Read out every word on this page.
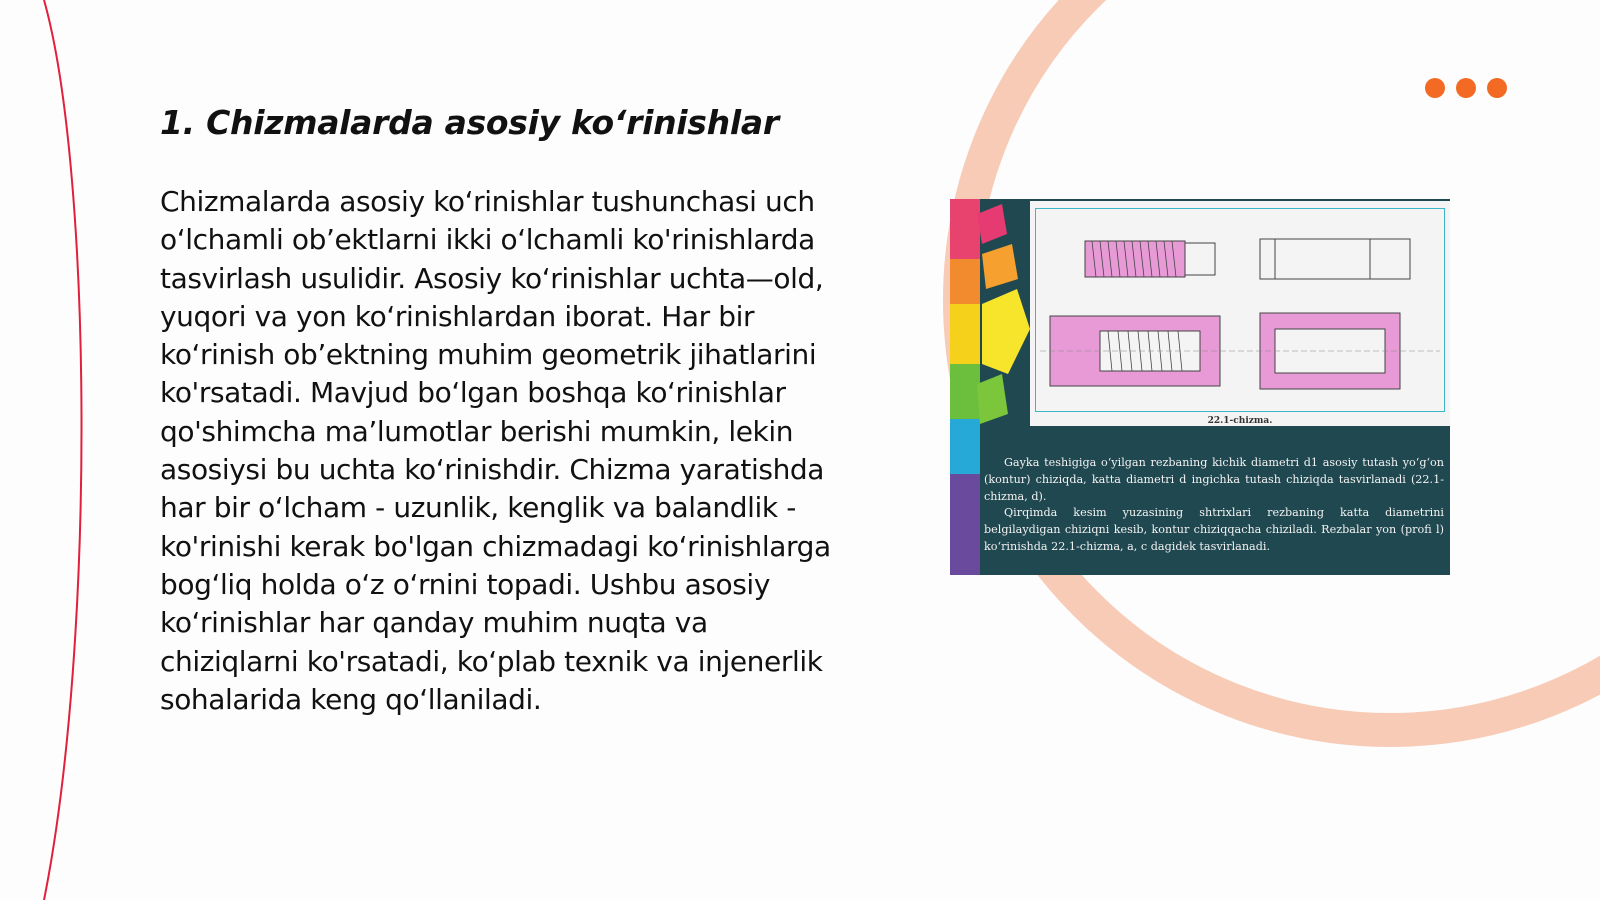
1. Chizmalarda asosiy ko‘rinishlar

Chizmalarda asosiy ko‘rinishlar tushunchasi uch o‘lchamli ob’ektlarni ikki o‘lchamli ko'rinishlarda tasvirlash usulidir. Asosiy ko‘rinishlar uchta—old, yuqori va yon ko‘rinishlardan iborat. Har bir ko‘rinish ob’ektning muhim geometrik jihatlarini ko'rsatadi. Mavjud bo‘lgan boshqa ko‘rinishlar qo'shimcha ma’lumotlar berishi mumkin, lekin asosiysi bu uchta ko‘rinishdir. Chizma yaratishda har bir o‘lcham - uzunlik, kenglik va balandlik - ko'rinishi kerak bo'lgan chizmadagi ko‘rinishlarga bog‘liq holda o‘z o‘rnini topadi. Ushbu asosiy ko‘rinishlar har qanday muhim nuqta va chiziqlarni ko'rsatadi, ko‘plab texnik va injenerlik sohalarida keng qo‘llaniladi.

22.1-chizma.

Gayka teshigiga o‘yilgan rezbaning kichik diametri d1 asosiy tutash yo‘g‘on (kontur) chiziqda, katta diametri d ingichka tutash chiziqda tasvirlanadi (22.1-chizma, d).

Qirqimda kesim yuzasining shtrixlari rezbaning katta diametrini belgilaydigan chiziqni kesib, kontur chiziqqacha chiziladi. Rezbalar yon (profi l) ko‘rinishda 22.1-chizma, a, c dagidek tasvirlanadi.
